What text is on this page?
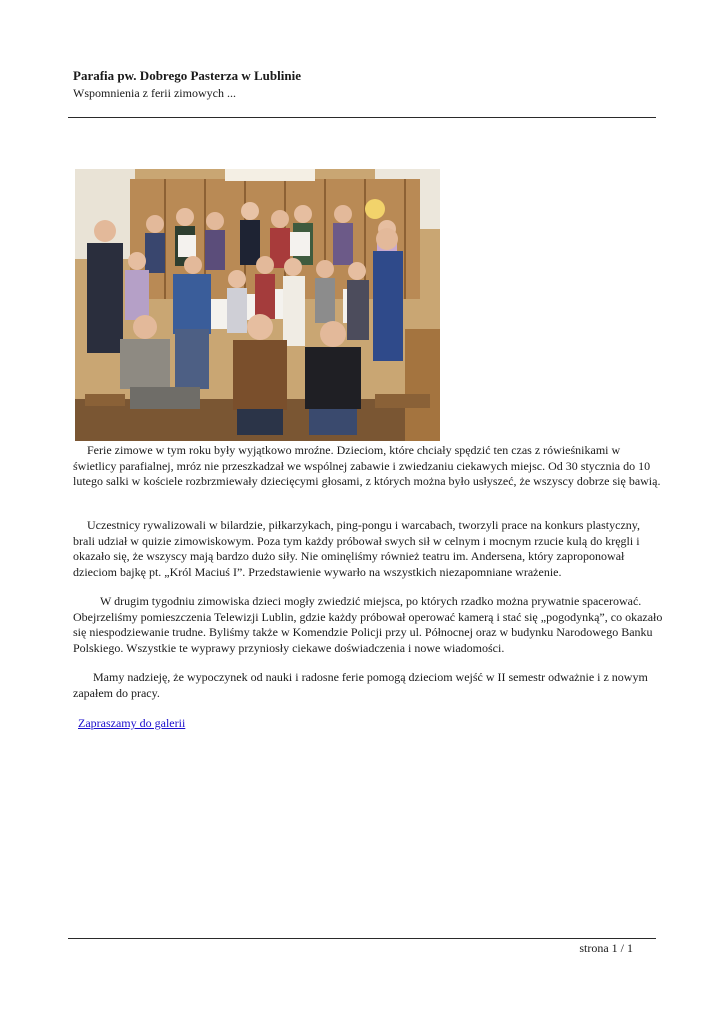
Parafia pw. Dobrego Pasterza w Lublinie
Wspomnienia z ferii zimowych ...

Ferie zimowe w tym roku były wyjątkowo mroźne. Dzieciom, które chciały spędzić ten czas z rówieśnikami w świetlicy parafialnej, mróz nie przeszkadzał we wspólnej zabawie i zwiedzaniu ciekawych miejsc. Od 30 stycznia do 10 lutego salki w kościele rozbrzmiewały dziecięcymi głosami, z których można było usłyszeć, że wszyscy dobrze się bawią.

Uczestnicy rywalizowali w bilardzie, piłkarzykach, ping-pongu i warcabach, tworzyli prace na konkurs plastyczny, brali udział w quizie zimowiskowym. Poza tym każdy próbował swych sił w celnym i mocnym rzucie kulą do kręgli i okazało się, że wszyscy mają bardzo dużo siły. Nie ominęliśmy również teatru im. Andersena, który zaproponował dzieciom bajkę pt. „Król Maciuś I”. Przedstawienie wywarło na wszystkich niezapomniane wrażenie.

W drugim tygodniu zimowiska dzieci mogły zwiedzić miejsca, po których rzadko można prywatnie spacerować. Obejrzeliśmy pomieszczenia Telewizji Lublin, gdzie każdy próbował operować kamerą i stać się „pogodynką”, co okazało się niespodziewanie trudne. Byliśmy także w Komendzie Policji przy ul. Północnej oraz w budynku Narodowego Banku Polskiego. Wszystkie te wyprawy przyniosły ciekawe doświadczenia i nowe wiadomości.

Mamy nadzieję, że wypoczynek od nauki i radosne ferie pomogą dzieciom wejść w II semestr odważnie i z nowym zapałem do pracy.

Zapraszamy do galerii
strona 1 / 1
